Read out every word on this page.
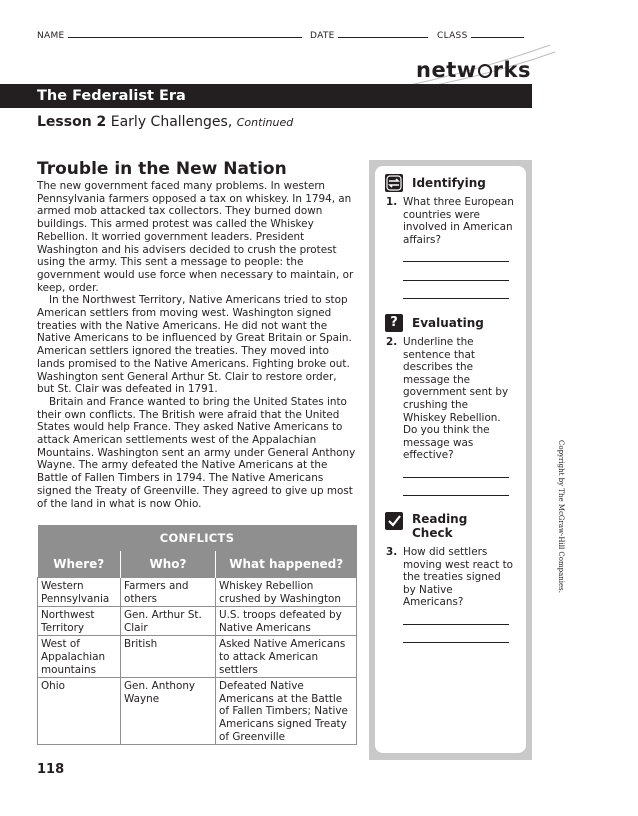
NAME	DATE	CLASS
netw rks
The Federalist Era
Lesson 2 Early Challenges, Continued
Trouble in the New Nation

The new government faced many problems. In western Pennsylvania farmers opposed a tax on whiskey. In 1794, an armed mob attacked tax collectors. They burned down buildings. This armed protest was called the Whiskey Rebellion. It worried government leaders. President Washington and his advisers decided to crush the protest using the army. This sent a message to people: the government would use force when necessary to maintain, or keep, order.

In the Northwest Territory, Native Americans tried to stop American settlers from moving west. Washington signed treaties with the Native Americans. He did not want the Native Americans to be influenced by Great Britain or Spain. American settlers ignored the treaties. They moved into lands promised to the Native Americans. Fighting broke out. Washington sent General Arthur St. Clair to restore order, but St. Clair was defeated in 1791.

Britain and France wanted to bring the United States into their own conflicts. The British were afraid that the United States would help France. They asked Native Americans to attack American settlements west of the Appalachian Mountains. Washington sent an army under General Anthony Wayne. The army defeated the Native Americans at the Battle of Fallen Timbers in 1794. The Native Americans signed the Treaty of Greenville. They agreed to give up most of the land in what is now Ohio.

CONFLICTS		
Where?	Who?	What happened?
Western Pennsylvania	Farmers and others	Whiskey Rebellion crushed by Washington
Northwest Territory	Gen. Arthur St. Clair	U.S. troops defeated by Native Americans
West of Appalachian mountains	British	Asked Native Americans to attack American settlers
Ohio	Gen. Anthony Wayne	Defeated Native Americans at the Battle of Fallen Timbers; Native Americans signed Treaty of Greenville
Identifying
1. What three European countries were involved in American affairs?
?	Evaluating
2. Underline the sentence that describes the message the government sent by crushing the Whiskey Rebellion. Do you think the message was effective?
Reading
Check
3. How did settlers moving west react to the treaties signed by Native Americans?
Copyright by The McGraw-Hill Companies.
118
